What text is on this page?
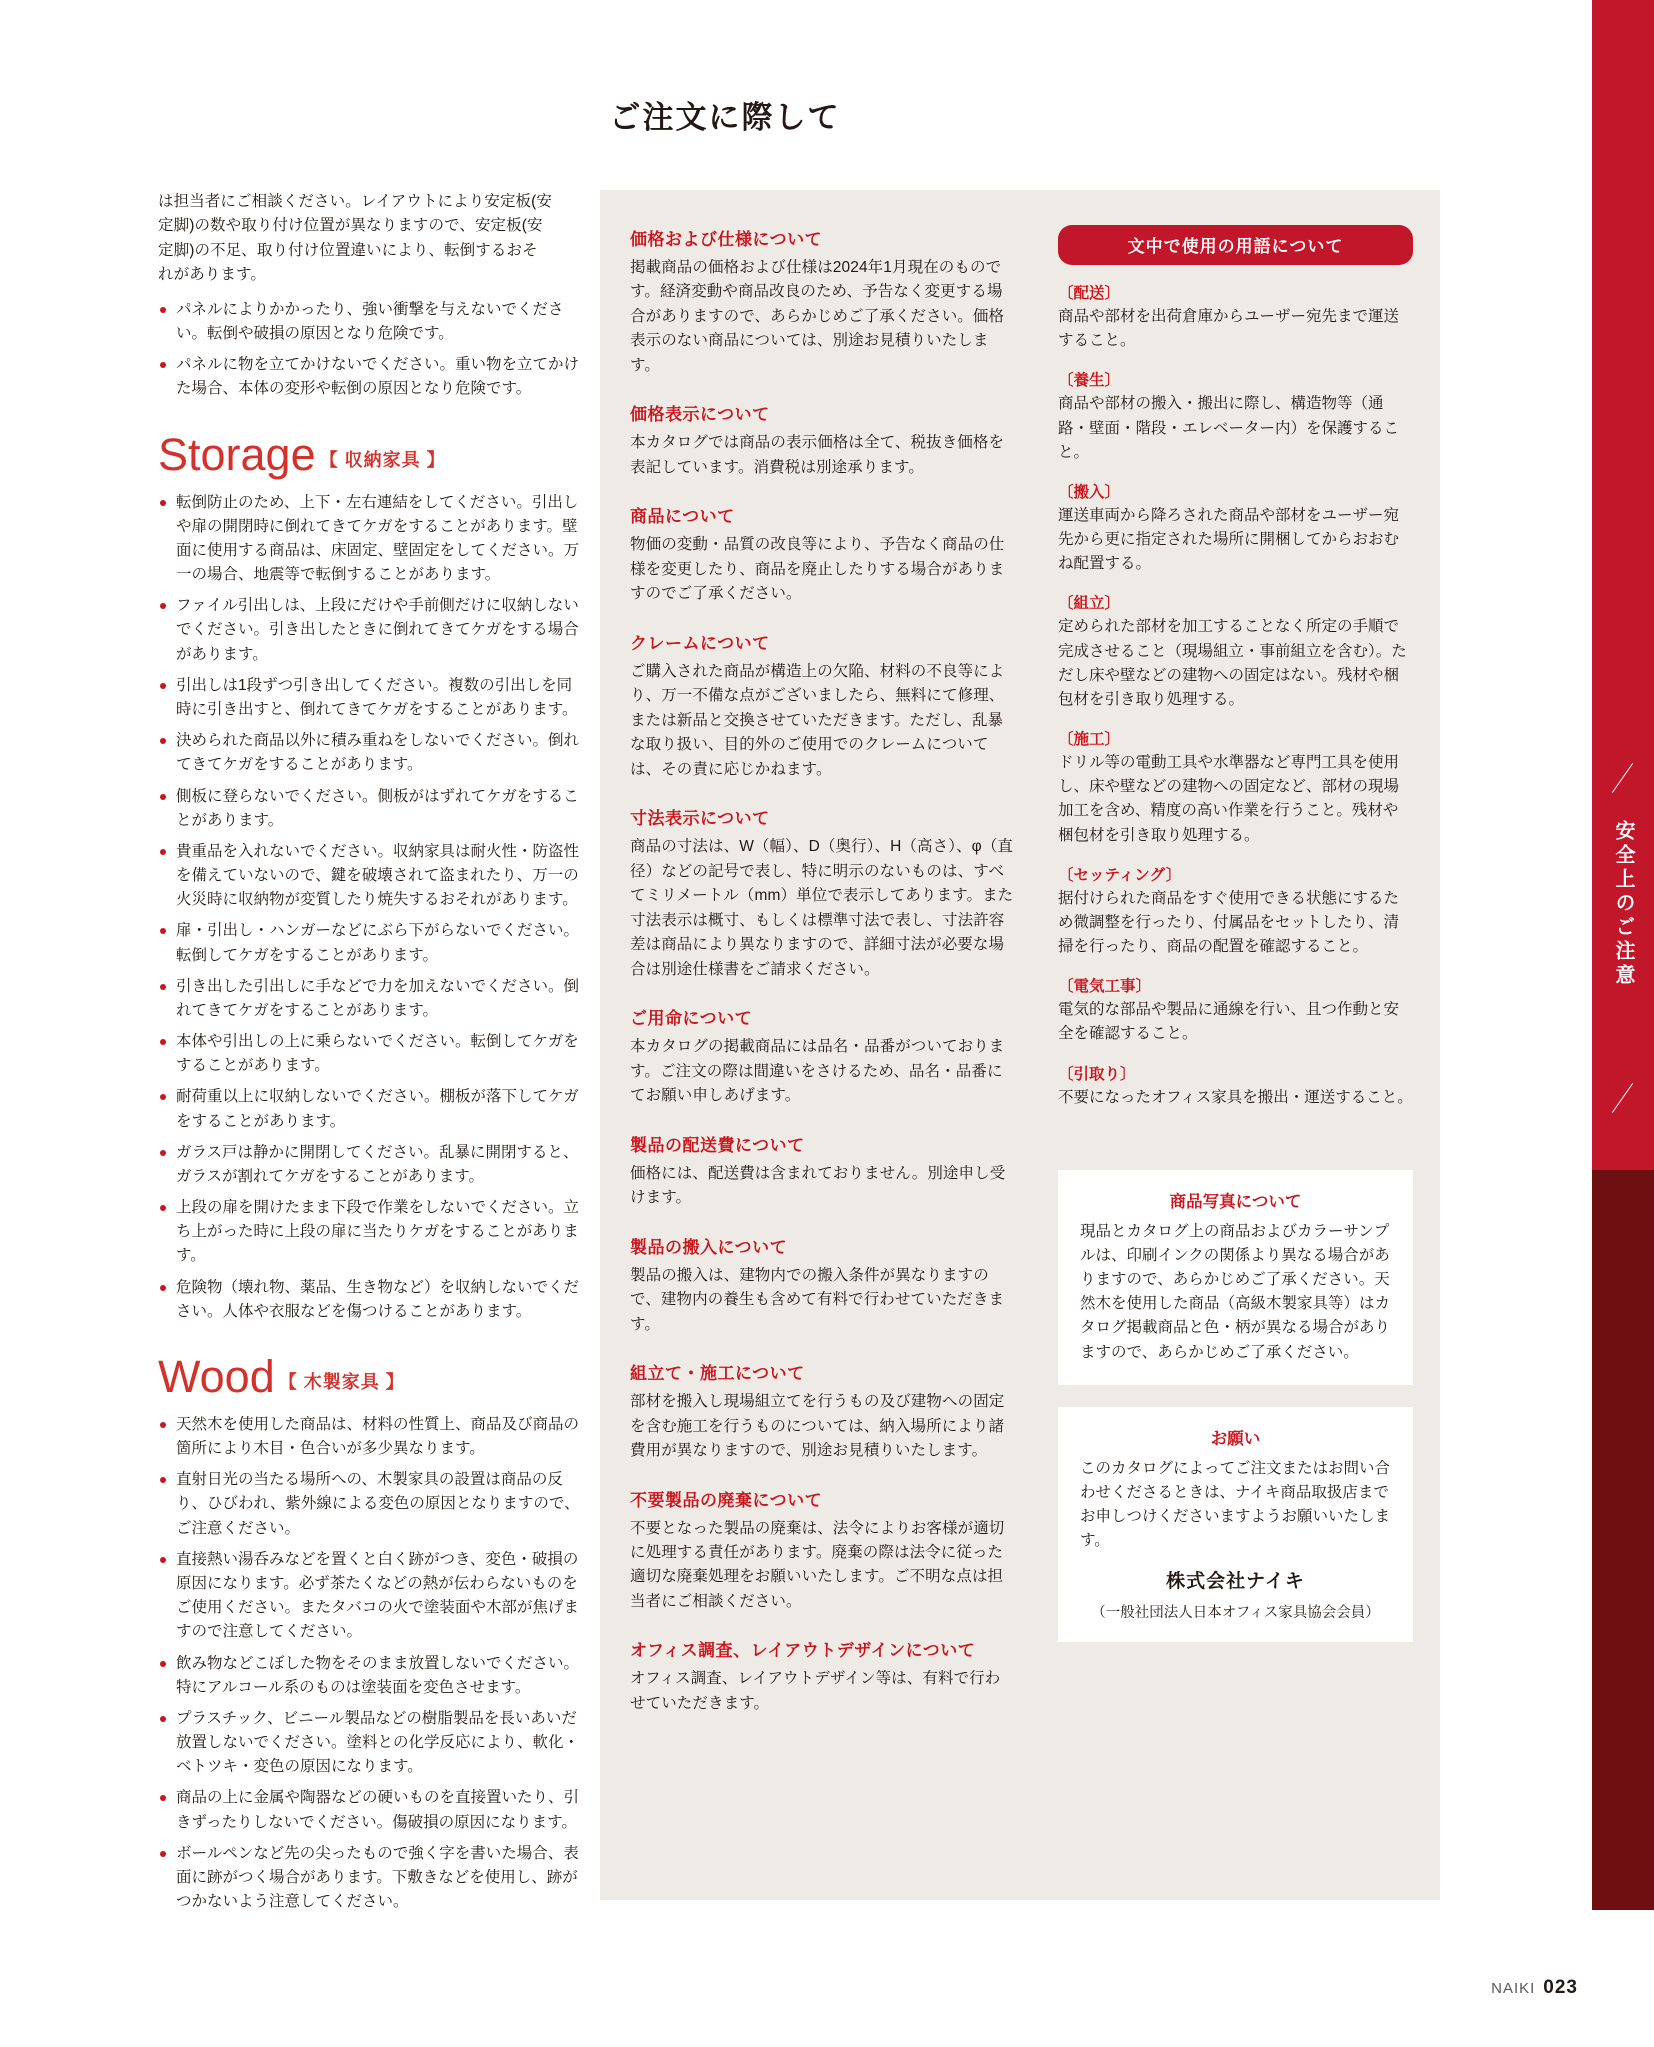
安全上のご注意
ご注文に際して
は担当者にご相談ください。レイアウトにより安定板(安
定脚)の数や取り付け位置が異なりますので、安定板(安
定脚)の不足、取り付け位置違いにより、転倒するおそ
れがあります。
パネルによりかかったり、強い衝撃を与えないでください。転倒や破損の原因となり危険です。
パネルに物を立てかけないでください。重い物を立てかけた場合、本体の変形や転倒の原因となり危険です。
Storage 【 収納家具 】
転倒防止のため、上下・左右連結をしてください。引出しや扉の開閉時に倒れてきてケガをすることがあります。壁面に使用する商品は、床固定、壁固定をしてください。万一の場合、地震等で転倒することがあります。
ファイル引出しは、上段にだけや手前側だけに収納しないでください。引き出したときに倒れてきてケガをする場合があります。
引出しは1段ずつ引き出してください。複数の引出しを同時に引き出すと、倒れてきてケガをすることがあります。
決められた商品以外に積み重ねをしないでください。倒れてきてケガをすることがあります。
側板に登らないでください。側板がはずれてケガをすることがあります。
貴重品を入れないでください。収納家具は耐火性・防盗性を備えていないので、鍵を破壊されて盗まれたり、万一の火災時に収納物が変質したり焼失するおそれがあります。
扉・引出し・ハンガーなどにぶら下がらないでください。転倒してケガをすることがあります。
引き出した引出しに手などで力を加えないでください。倒れてきてケガをすることがあります。
本体や引出しの上に乗らないでください。転倒してケガをすることがあります。
耐荷重以上に収納しないでください。棚板が落下してケガをすることがあります。
ガラス戸は静かに開閉してください。乱暴に開閉すると、ガラスが割れてケガをすることがあります。
上段の扉を開けたまま下段で作業をしないでください。立ち上がった時に上段の扉に当たりケガをすることがあります。
危険物（壊れ物、薬品、生き物など）を収納しないでください。人体や衣服などを傷つけることがあります。
Wood 【 木製家具 】
天然木を使用した商品は、材料の性質上、商品及び商品の箇所により木目・色合いが多少異なります。
直射日光の当たる場所への、木製家具の設置は商品の反り、ひびわれ、紫外線による変色の原因となりますので、ご注意ください。
直接熱い湯呑みなどを置くと白く跡がつき、変色・破損の原因になります。必ず茶たくなどの熱が伝わらないものをご使用ください。またタバコの火で塗装面や木部が焦げますので注意してください。
飲み物などこぼした物をそのまま放置しないでください。特にアルコール系のものは塗装面を変色させます。
プラスチック、ビニール製品などの樹脂製品を長いあいだ放置しないでください。塗料との化学反応により、軟化・ベトツキ・変色の原因になります。
商品の上に金属や陶器などの硬いものを直接置いたり、引きずったりしないでください。傷破損の原因になります。
ボールペンなど先の尖ったもので強く字を書いた場合、表面に跡がつく場合があります。下敷きなどを使用し、跡がつかないよう注意してください。
価格および仕様について
掲載商品の価格および仕様は2024年1月現在のものです。経済変動や商品改良のため、予告なく変更する場合がありますので、あらかじめご了承ください。価格表示のない商品については、別途お見積りいたします。
価格表示について
本カタログでは商品の表示価格は全て、税抜き価格を表記しています。消費税は別途承ります。
商品について
物価の変動・品質の改良等により、予告なく商品の仕様を変更したり、商品を廃止したりする場合がありますのでご了承ください。
クレームについて
ご購入された商品が構造上の欠陥、材料の不良等により、万一不備な点がございましたら、無料にて修理、または新品と交換させていただきます。ただし、乱暴な取り扱い、目的外のご使用でのクレームについては、その責に応じかねます。
寸法表示について
商品の寸法は、W（幅）、D（奥行）、H（高さ）、φ（直径）などの記号で表し、特に明示のないものは、すべてミリメートル（mm）単位で表示してあります。また寸法表示は概寸、もしくは標準寸法で表し、寸法許容差は商品により異なりますので、詳細寸法が必要な場合は別途仕様書をご請求ください。
ご用命について
本カタログの掲載商品には品名・品番がついております。ご注文の際は間違いをさけるため、品名・品番にてお願い申しあげます。
製品の配送費について
価格には、配送費は含まれておりません。別途申し受けます。
製品の搬入について
製品の搬入は、建物内での搬入条件が異なりますので、建物内の養生も含めて有料で行わせていただきます。
組立て・施工について
部材を搬入し現場組立てを行うもの及び建物への固定を含む施工を行うものについては、納入場所により諸費用が異なりますので、別途お見積りいたします。
不要製品の廃棄について
不要となった製品の廃棄は、法令によりお客様が適切に処理する責任があります。廃棄の際は法令に従った適切な廃棄処理をお願いいたします。ご不明な点は担当者にご相談ください。
オフィス調査、レイアウトデザインについて
オフィス調査、レイアウトデザイン等は、有料で行わせていただきます。
文中で使用の用語について
〔配送〕
商品や部材を出荷倉庫からユーザー宛先まで運送すること。
〔養生〕
商品や部材の搬入・搬出に際し、構造物等（通路・壁面・階段・エレベーター内）を保護すること。
〔搬入〕
運送車両から降ろされた商品や部材をユーザー宛先から更に指定された場所に開梱してからおおむね配置する。
〔組立〕
定められた部材を加工することなく所定の手順で完成させること（現場組立・事前組立を含む）。ただし床や壁などの建物への固定はない。残材や梱包材を引き取り処理する。
〔施工〕
ドリル等の電動工具や水準器など専門工具を使用し、床や壁などの建物への固定など、部材の現場加工を含め、精度の高い作業を行うこと。残材や梱包材を引き取り処理する。
〔セッティング〕
据付けられた商品をすぐ使用できる状態にするため微調整を行ったり、付属品をセットしたり、清掃を行ったり、商品の配置を確認すること。
〔電気工事〕
電気的な部品や製品に通線を行い、且つ作動と安全を確認すること。
〔引取り〕
不要になったオフィス家具を搬出・運送すること。
商品写真について
現品とカタログ上の商品およびカラーサンプルは、印刷インクの関係より異なる場合がありますので、あらかじめご了承ください。天然木を使用した商品（高級木製家具等）はカタログ掲載商品と色・柄が異なる場合がありますので、あらかじめご了承ください。
お願い
このカタログによってご注文またはお問い合わせくださるときは、ナイキ商品取扱店までお申しつけくださいますようお願いいたします。
株式会社ナイキ
（一般社団法人日本オフィス家具協会会員）
NAIKI 023
